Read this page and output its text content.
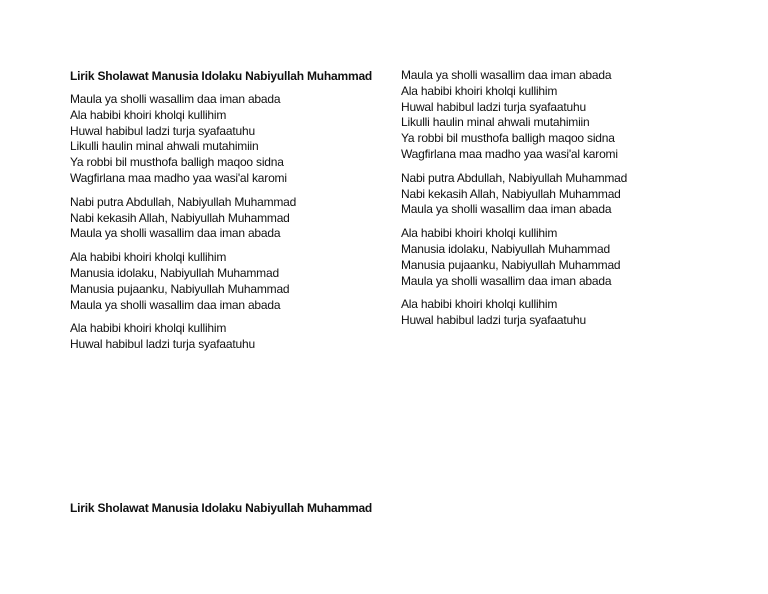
Lirik Sholawat Manusia Idolaku Nabiyullah Muhammad
Maula ya sholli wasallim daa iman abada
Ala habibi khoiri kholqi kullihim
Huwal habibul ladzi turja syafaatuhu
Likulli haulin minal ahwali mutahimiin
Ya robbi bil musthofa balligh maqoo sidna
Wagfirlana maa madho yaa wasi'al karomi
Nabi putra Abdullah, Nabiyullah Muhammad
Nabi kekasih Allah, Nabiyullah Muhammad
Maula ya sholli wasallim daa iman abada
Ala habibi khoiri kholqi kullihim
Manusia idolaku, Nabiyullah Muhammad
Manusia pujaanku, Nabiyullah Muhammad
Maula ya sholli wasallim daa iman abada
Ala habibi khoiri kholqi kullihim
Huwal habibul ladzi turja syafaatuhu
Maula ya sholli wasallim daa iman abada
Ala habibi khoiri kholqi kullihim
Huwal habibul ladzi turja syafaatuhu
Likulli haulin minal ahwali mutahimiin
Ya robbi bil musthofa balligh maqoo sidna
Wagfirlana maa madho yaa wasi'al karomi
Nabi putra Abdullah, Nabiyullah Muhammad
Nabi kekasih Allah, Nabiyullah Muhammad
Maula ya sholli wasallim daa iman abada
Ala habibi khoiri kholqi kullihim
Manusia idolaku, Nabiyullah Muhammad
Manusia pujaanku, Nabiyullah Muhammad
Maula ya sholli wasallim daa iman abada
Ala habibi khoiri kholqi kullihim
Huwal habibul ladzi turja syafaatuhu
Lirik Sholawat Manusia Idolaku Nabiyullah Muhammad
